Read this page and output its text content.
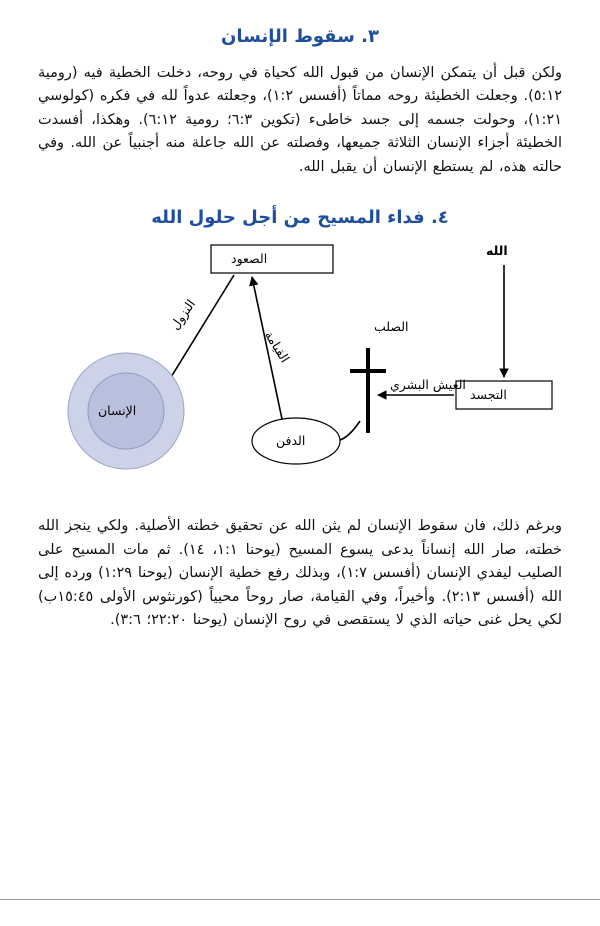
٣. سقوط الإنسان

ولكن قبل أن يتمكن الإنسان من قبول الله كحياة في روحه، دخلت الخطية فيه (رومية ٥:١٢). وجعلت الخطيئة روحه مماتاً (أفسس ١:٢)، وجعلته عدواً لله في فكره (كولوسي ١:٢١)، وحولت جسمه إلى جسد خاطىء (تكوين ٦:٣؛ رومية ٦:١٢). وهكذا، أفسدت الخطيئة أجزاء الإنسان الثلاثة جميعها، وفصلته عن الله جاعلة منه أجنبياً عن الله. وفي حالته هذه، لم يستطع الإنسان أن يقبل الله.

٤. فداء المسيح من أجل حلول الله
الصعود
الله
التجسد
العيش البشري
الصلب
الدفن
الإنسان
النزول
القيامة

وبرغم ذلك، فان سقوط الإنسان لم يثن الله عن تحقيق خطته الأصلية. ولكي ينجز الله خطته، صار الله إنساناً يدعى يسوع المسيح (يوحنا ١:١، ١٤). ثم مات المسيح على الصليب ليفدي الإنسان (أفسس ١:٧)، وبذلك رفع خطية الإنسان (يوحنا ١:٢٩) ورده إلى الله (أفسس ٢:١٣). وأخيراً، وفي القيامة، صار روحاً محيياً (كورنثوس الأولى ١٥:٤٥ب) لكي يحل غنى حياته الذي لا يستقصى في روح الإنسان (يوحنا ٢٢:٢٠؛ ٣:٦).
